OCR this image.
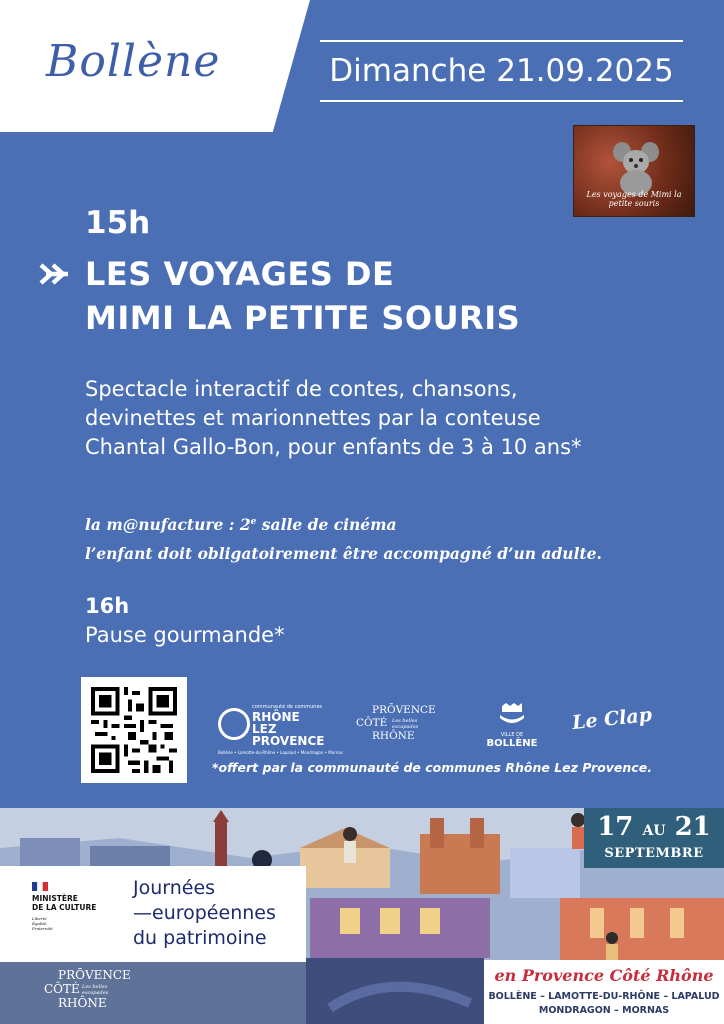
Bollène	Dimanche 21.09.2025
Les voyages de Mimi la petite souris
15h
LES VOYAGES DE
MIMI LA PETITE SOURIS
Spectacle interactif de contes, chansons,
devinettes et marionnettes par la conteuse
Chantal Gallo-Bon, pour enfants de 3 à 10 ans*
la m@nufacture : 2e salle de cinéma
l’enfant doit obligatoirement être accompagné d’un adulte.
16h
Pause gourmande*
communauté de communes
RHÔNE LEZ
PROVENCE
Bollène • Lamotte-du-Rhône • Lapalud • Mondragon • Mornas
PRŌVENCE
CÔTÉ

RHÔNE
Les belles
escapades
VILLE DE
BOLLÈNE
Le Clap
*offert par la communauté de communes Rhône Lez Provence.
17 AU 21
SEPTEMBRE
MINISTÈRE
DE LA CULTURE
Liberté
Égalité
Fraternité
Journées
—européennes
du patrimoine
PRŌVENCE
CÔTÉ
RHÔNE
Les belles
escapades
en Provence Côté Rhône
BOLLÈNE – LAMOTTE-DU-RHÔNE – LAPALUD
MONDRAGON – MORNAS
